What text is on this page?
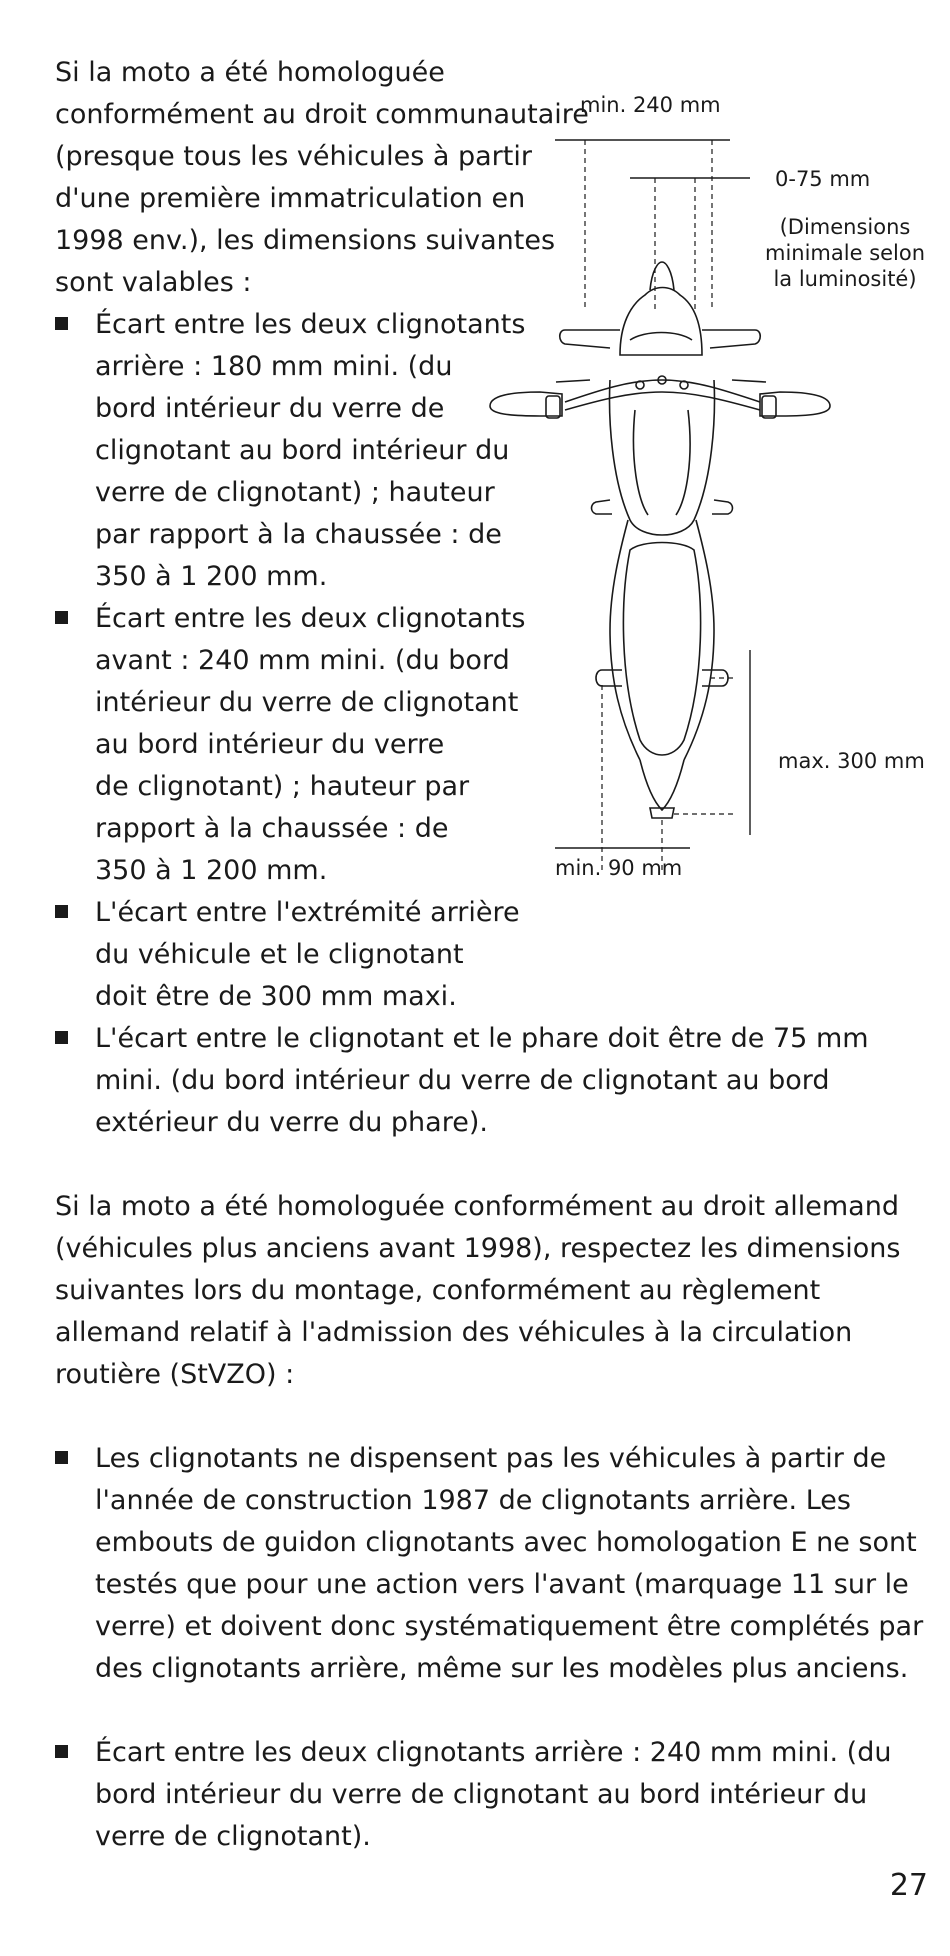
Si la moto a été homologuée
conformément au droit communautaire
(presque tous les véhicules à partir
d'une première immatriculation en
1998 env.), les dimensions suivantes
sont valables :
Écart entre les deux clignotants
arrière : 180 mm mini. (du
bord intérieur du verre de
clignotant au bord intérieur du
verre de clignotant) ; hauteur
par rapport à la chaussée : de
350 à 1 200 mm.
Écart entre les deux clignotants
avant : 240 mm mini. (du bord
intérieur du verre de clignotant
au bord intérieur du verre
de clignotant) ; hauteur par
rapport à la chaussée : de
350 à 1 200 mm.
L'écart entre l'extrémité arrière
du véhicule et le clignotant
doit être de 300 mm maxi.
L'écart entre le clignotant et le phare doit être de 75 mm
mini. (du bord intérieur du verre de clignotant au bord
extérieur du verre du phare).
Si la moto a été homologuée conformément au droit allemand
(véhicules plus anciens avant 1998), respectez les dimensions
suivantes lors du montage, conformément au règlement
allemand relatif à l'admission des véhicules à la circulation
routière (StVZO) :
Les clignotants ne dispensent pas les véhicules à partir de
l'année de construction 1987 de clignotants arrière. Les
embouts de guidon clignotants avec homologation E ne sont
testés que pour une action vers l'avant (marquage 11 sur le
verre) et doivent donc systématiquement être complétés par
des clignotants arrière, même sur les modèles plus anciens.
Écart entre les deux clignotants arrière : 240 mm mini. (du
bord intérieur du verre de clignotant au bord intérieur du
verre de clignotant).
min. 240 mm
0-75 mm
(Dimensions
minimale selon
la luminosité)
max. 300 mm
min. 90 mm
27
